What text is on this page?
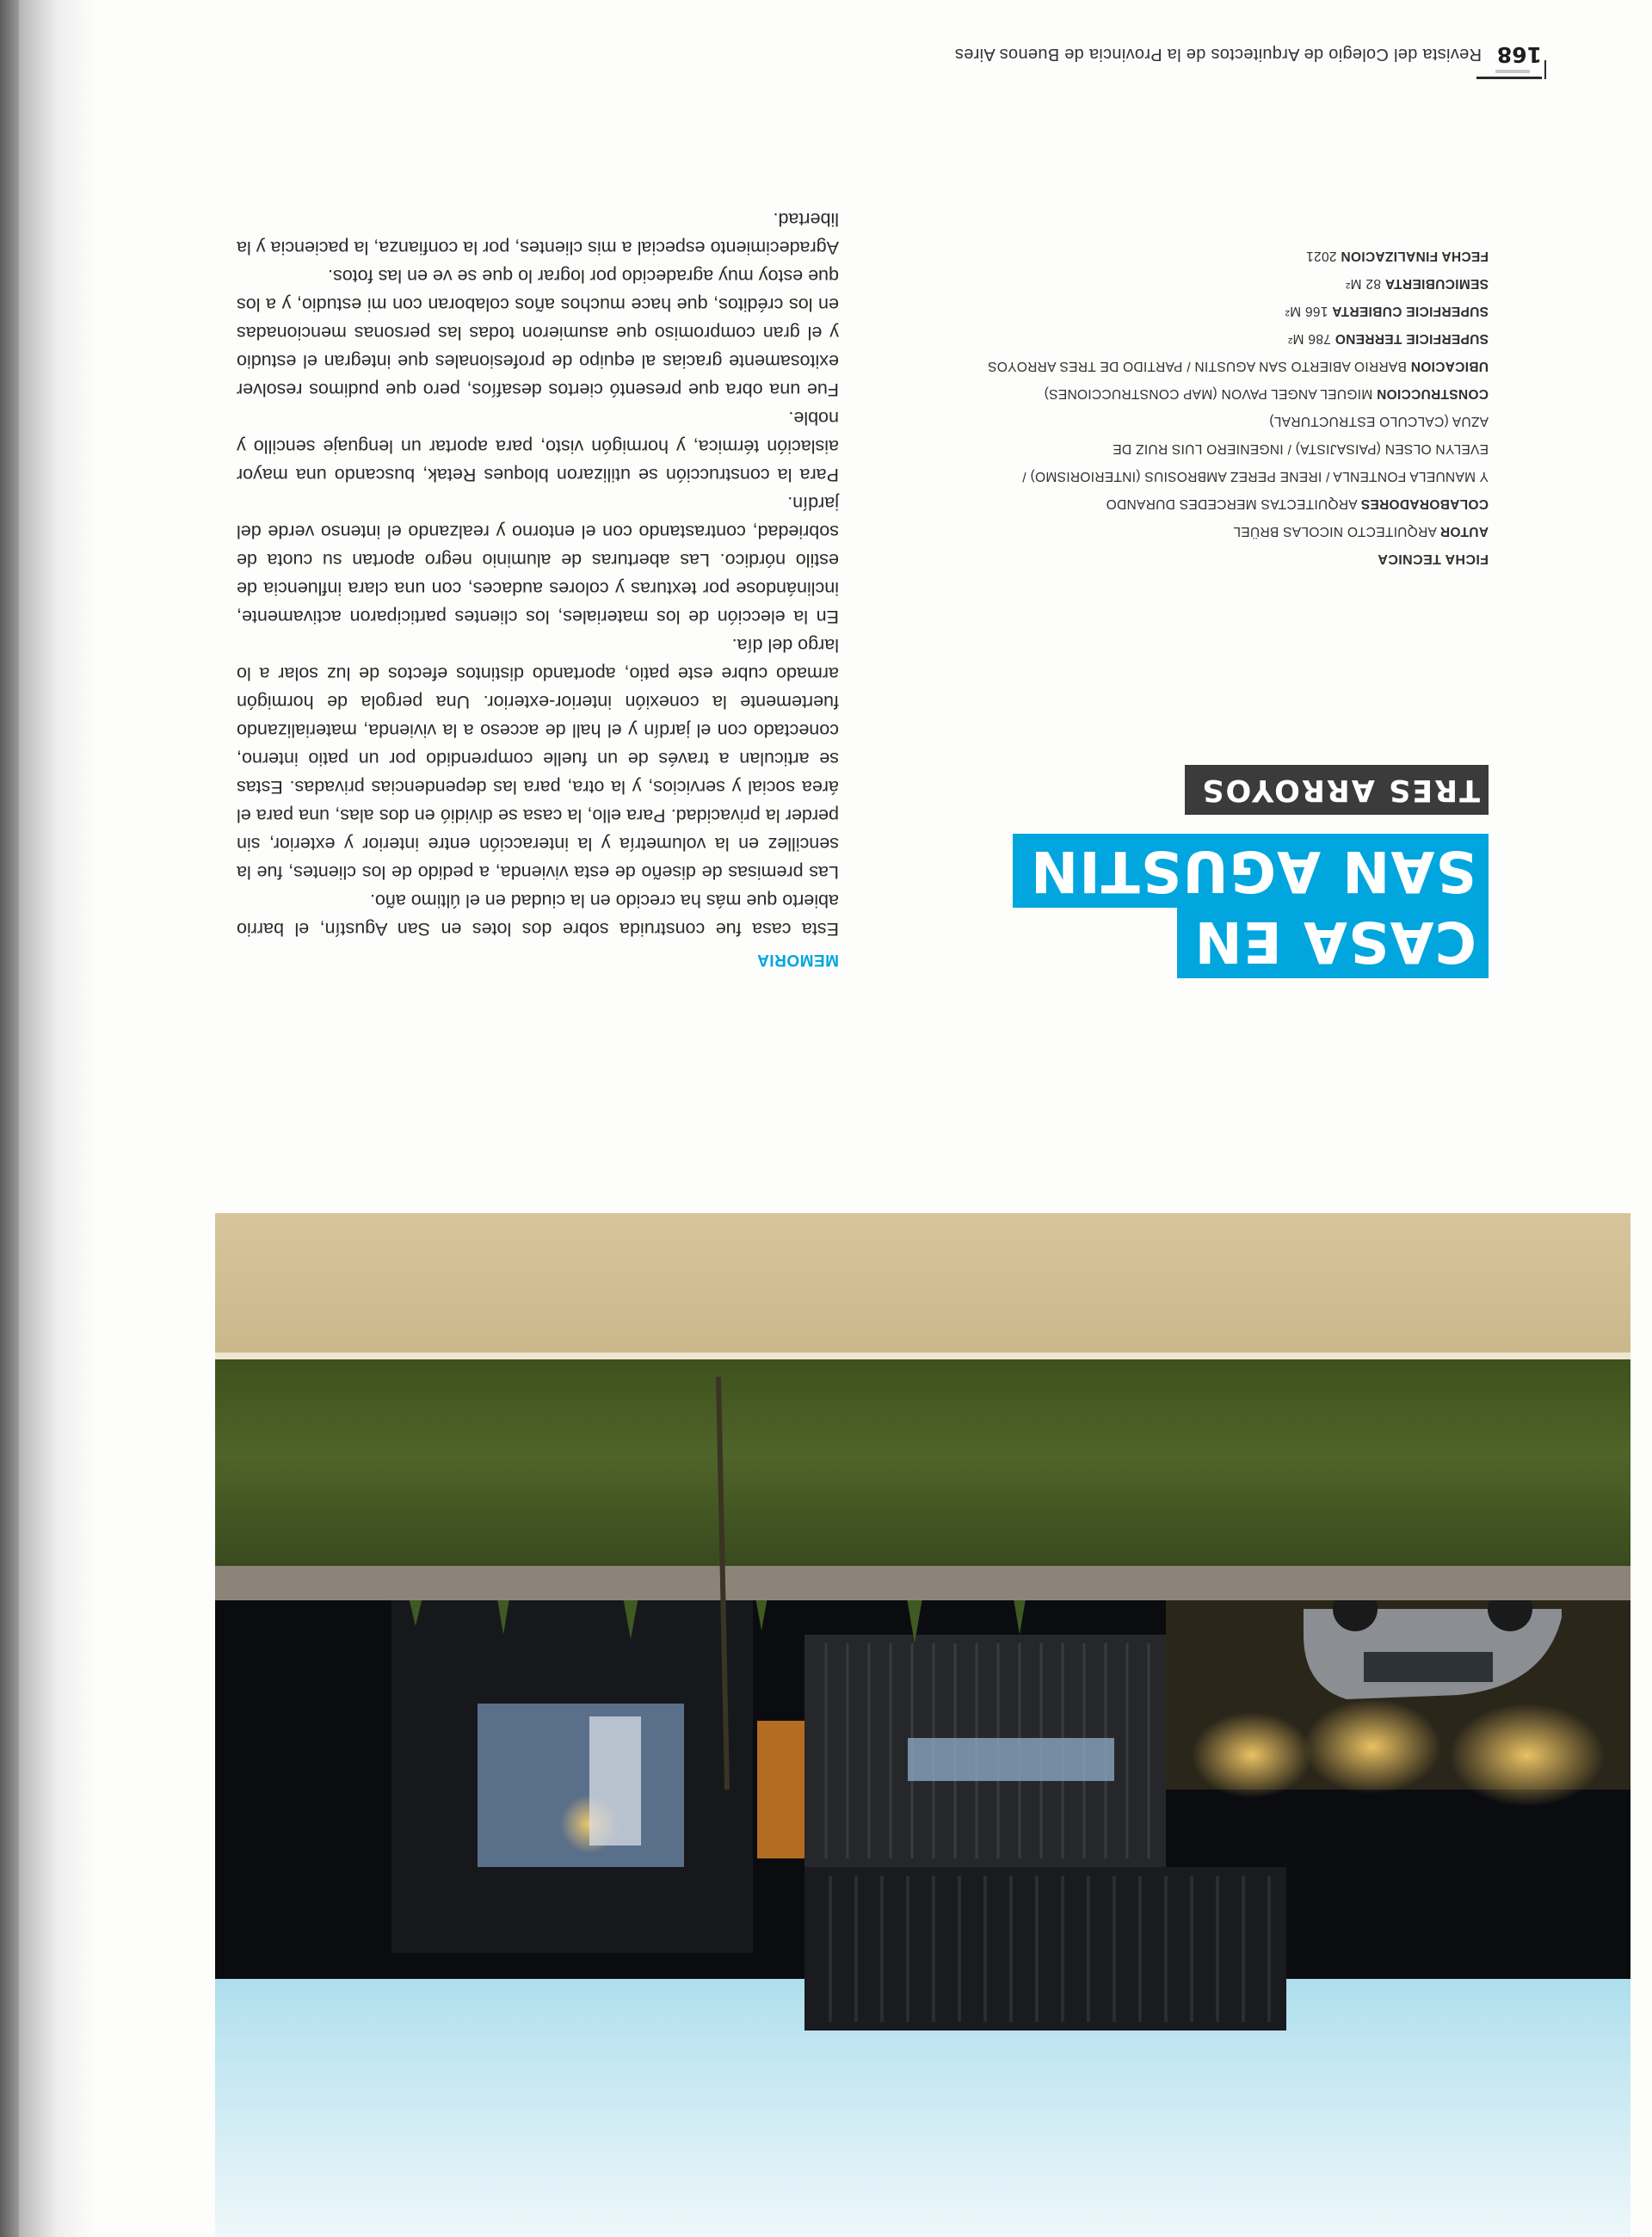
168
Revista del Colegio de Arquitectos de la Provincia de Buenos Aires
CASA EN
SAN AGUSTIN
TRES ARROYOS
FICHA TECNICA
AUTOR ARQUITECTO NICOLAS BRÜEL
COLABORADORES ARQUITECTAS MERCEDES DURANDO
Y MANUELA FONTENLA / IRENE PEREZ AMBROSIUS (INTERIORISMO) /
EVELYN OLSEN (PAISAJISTA) / INGENIERO LUIS RUIZ DE
AZUA (CALCULO ESTRUCTURAL)
CONSTRUCCION MIGUEL ANGEL PAVON (MAP CONSTRUCCIONES)
UBICACION BARRIO ABIERTO SAN AGUSTIN / PARTIDO DE TRES ARROYOS
SUPERFICIE TERRENO 786 M²
SUPERFICIE CUBIERTA 166 M²
SEMICUBIERTA 82 M²
FECHA FINALIZACION 2021
MEMORIA

Esta casa fue construida sobre dos lotes en San Agustín, el barrio abierto que más ha crecido en la ciudad en el último año.

Las premisas de diseño de esta vivienda, a pedido de los clientes, fue la sencillez en la volumetría y la interacción entre interior y exterior, sin perder la privacidad. Para ello, la casa se dividió en dos alas, una para el área social y servicios, y la otra, para las dependencias privadas. Estas se articulan a través de un fuelle comprendido por un patio interno, conectado con el jardín y el hall de acceso a la vivienda, materializando fuertemente la conexión interior-exterior. Una pergola de hormigón armado cubre este patio, aportando distintos efectos de luz solar a lo largo del día.

En la elección de los materiales, los clientes participaron activamente, inclinándose por texturas y colores audaces, con una clara influencia de estilo nórdico. Las aberturas de aluminio negro aportan su cuota de sobriedad, contrastando con el entorno y realzando el intenso verde del jardín.

Para la construcción se utilizaron bloques Retak, buscando una mayor aislación térmica, y hormigón visto, para aportar un lenguaje sencillo y noble.

Fue una obra que presentó ciertos desafíos, pero que pudimos resolver exitosamente gracias al equipo de profesionales que integran el estudio y el gran compromiso que asumieron todas las personas mencionadas en los créditos, que hace muchos años colaboran con mi estudio, y a los que estoy muy agradecido por lograr lo que se ve en las fotos.

Agradecimiento especial a mis clientes, por la confianza, la paciencia y la libertad.
